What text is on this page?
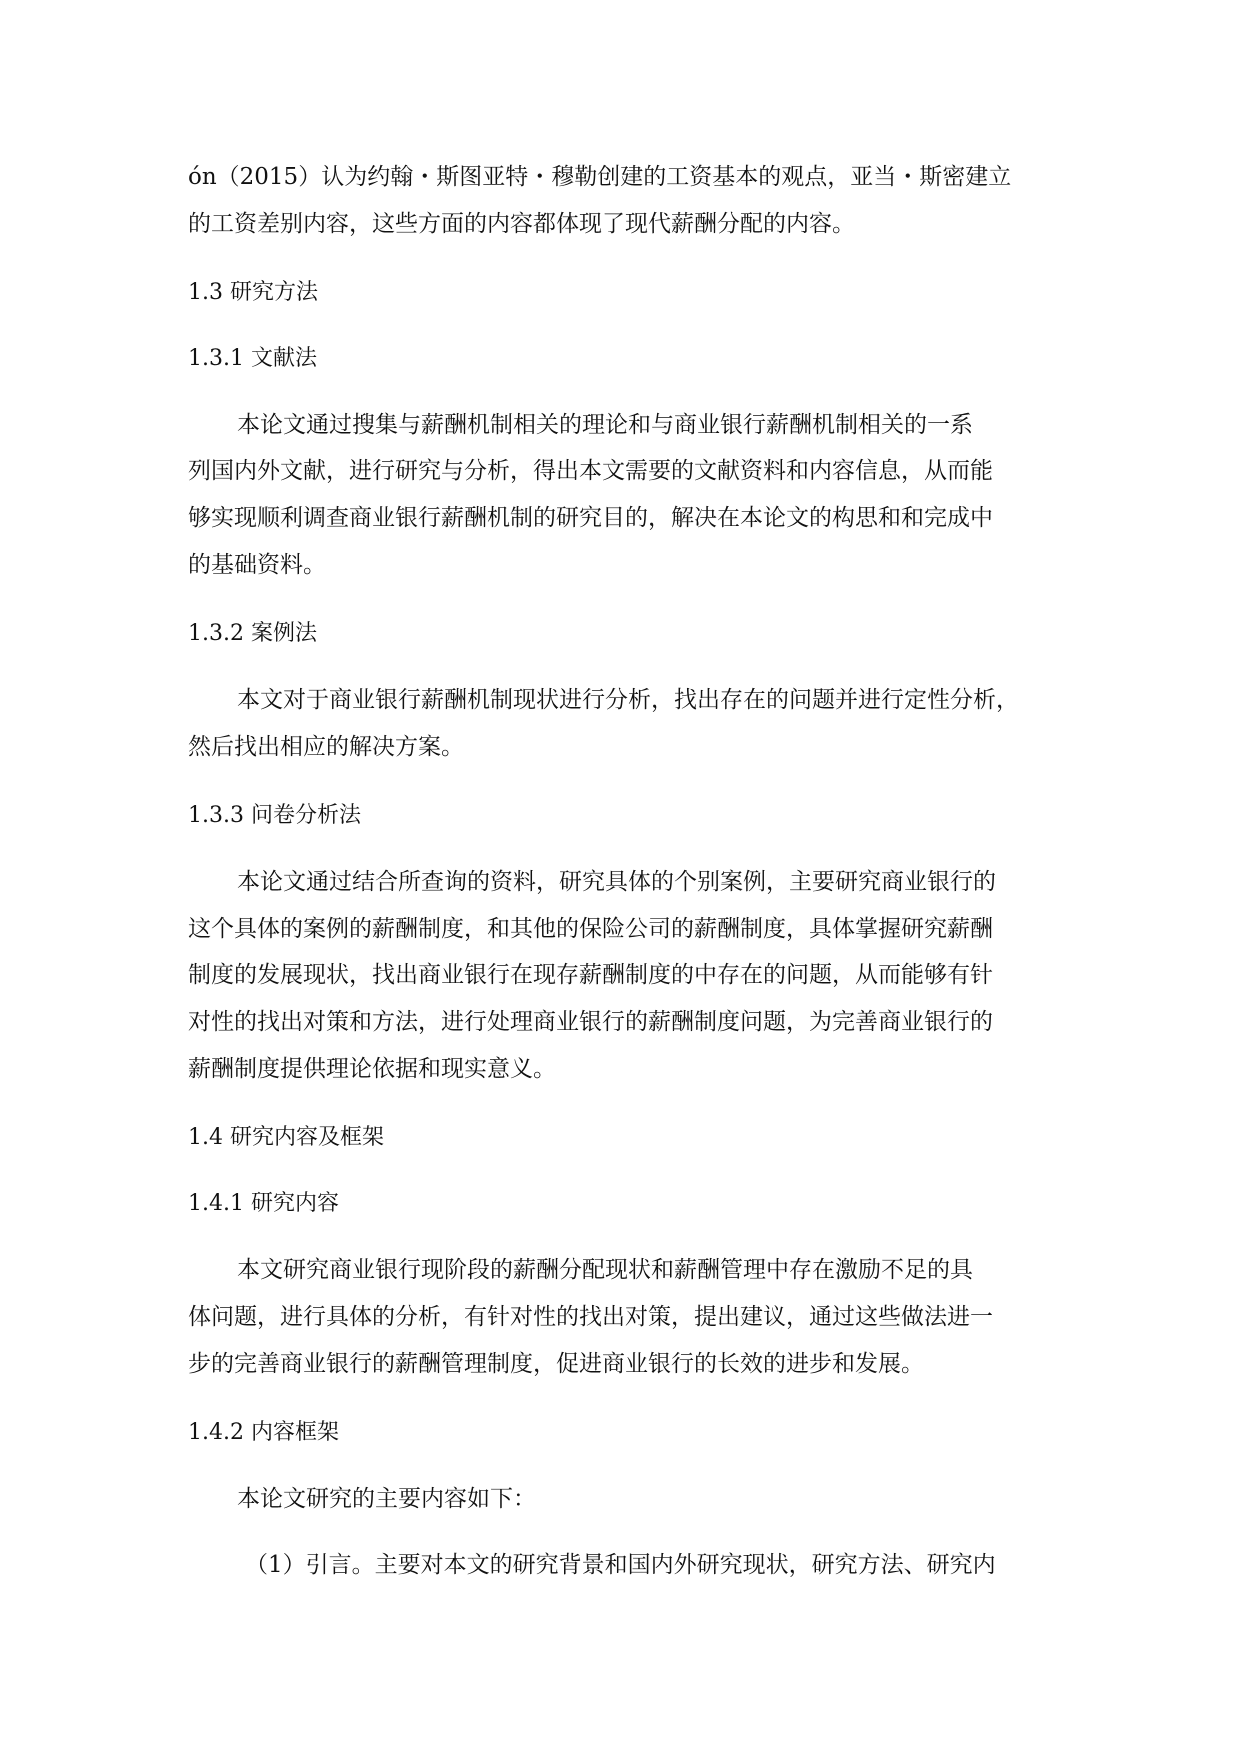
ón（2015）认为约翰・斯图亚特・穆勒创建的工资基本的观点，亚当・斯密建立
的工资差别内容，这些方面的内容都体现了现代薪酬分配的内容。
1.3 研究方法
1.3.1 文献法
本论文通过搜集与薪酬机制相关的理论和与商业银行薪酬机制相关的一系
列国内外文献，进行研究与分析，得出本文需要的文献资料和内容信息，从而能
够实现顺利调查商业银行薪酬机制的研究目的，解决在本论文的构思和和完成中
的基础资料。
1.3.2 案例法
本文对于商业银行薪酬机制现状进行分析，找出存在的问题并进行定性分析，
然后找出相应的解决方案。
1.3.3 问卷分析法
本论文通过结合所查询的资料，研究具体的个别案例，主要研究商业银行的
这个具体的案例的薪酬制度，和其他的保险公司的薪酬制度，具体掌握研究薪酬
制度的发展现状，找出商业银行在现存薪酬制度的中存在的问题，从而能够有针
对性的找出对策和方法，进行处理商业银行的薪酬制度问题，为完善商业银行的
薪酬制度提供理论依据和现实意义。
1.4 研究内容及框架
1.4.1 研究内容
本文研究商业银行现阶段的薪酬分配现状和薪酬管理中存在激励不足的具
体问题，进行具体的分析，有针对性的找出对策，提出建议，通过这些做法进一
步的完善商业银行的薪酬管理制度，促进商业银行的长效的进步和发展。
1.4.2 内容框架
本论文研究的主要内容如下：
（1）引言。主要对本文的研究背景和国内外研究现状，研究方法、研究内
